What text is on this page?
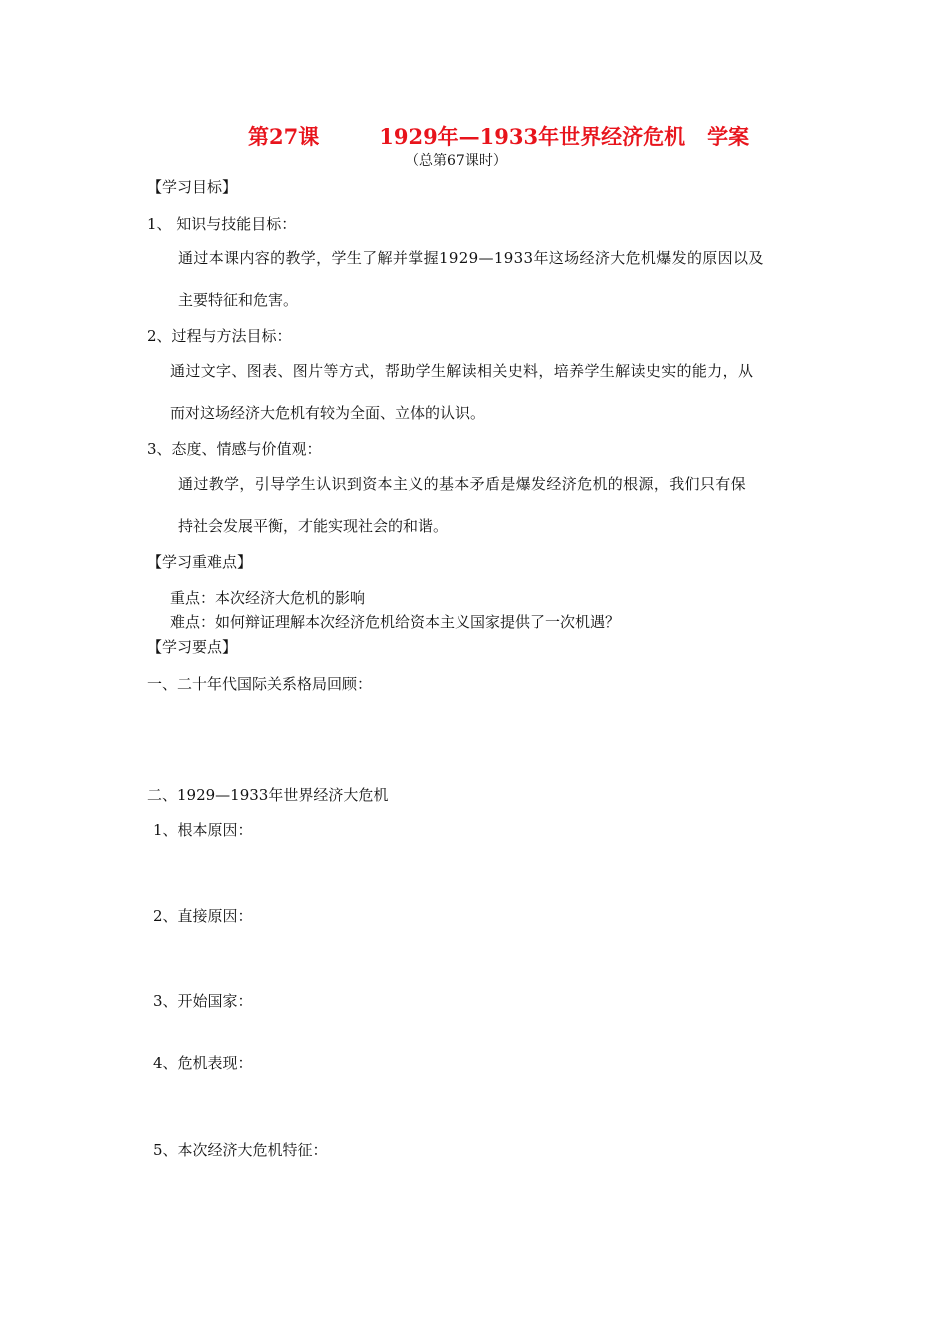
第27课	1929年—1933年世界经济危机 学案
（总第67课时）
【学习目标】
1、 知识与技能目标：
通过本课内容的教学，学生了解并掌握1929—1933年这场经济大危机爆发的原因以及
主要特征和危害。
2、过程与方法目标：
通过文字、图表、图片等方式，帮助学生解读相关史料，培养学生解读史实的能力，从
而对这场经济大危机有较为全面、立体的认识。
3、态度、情感与价值观：
通过教学，引导学生认识到资本主义的基本矛盾是爆发经济危机的根源，我们只有保
持社会发展平衡，才能实现社会的和谐。
【学习重难点】
重点：本次经济大危机的影响
难点：如何辩证理解本次经济危机给资本主义国家提供了一次机遇？
【学习要点】
一、二十年代国际关系格局回顾：
二、1929—1933年世界经济大危机
1、根本原因：
2、直接原因：
3、开始国家：
4、危机表现：
5、本次经济大危机特征：
